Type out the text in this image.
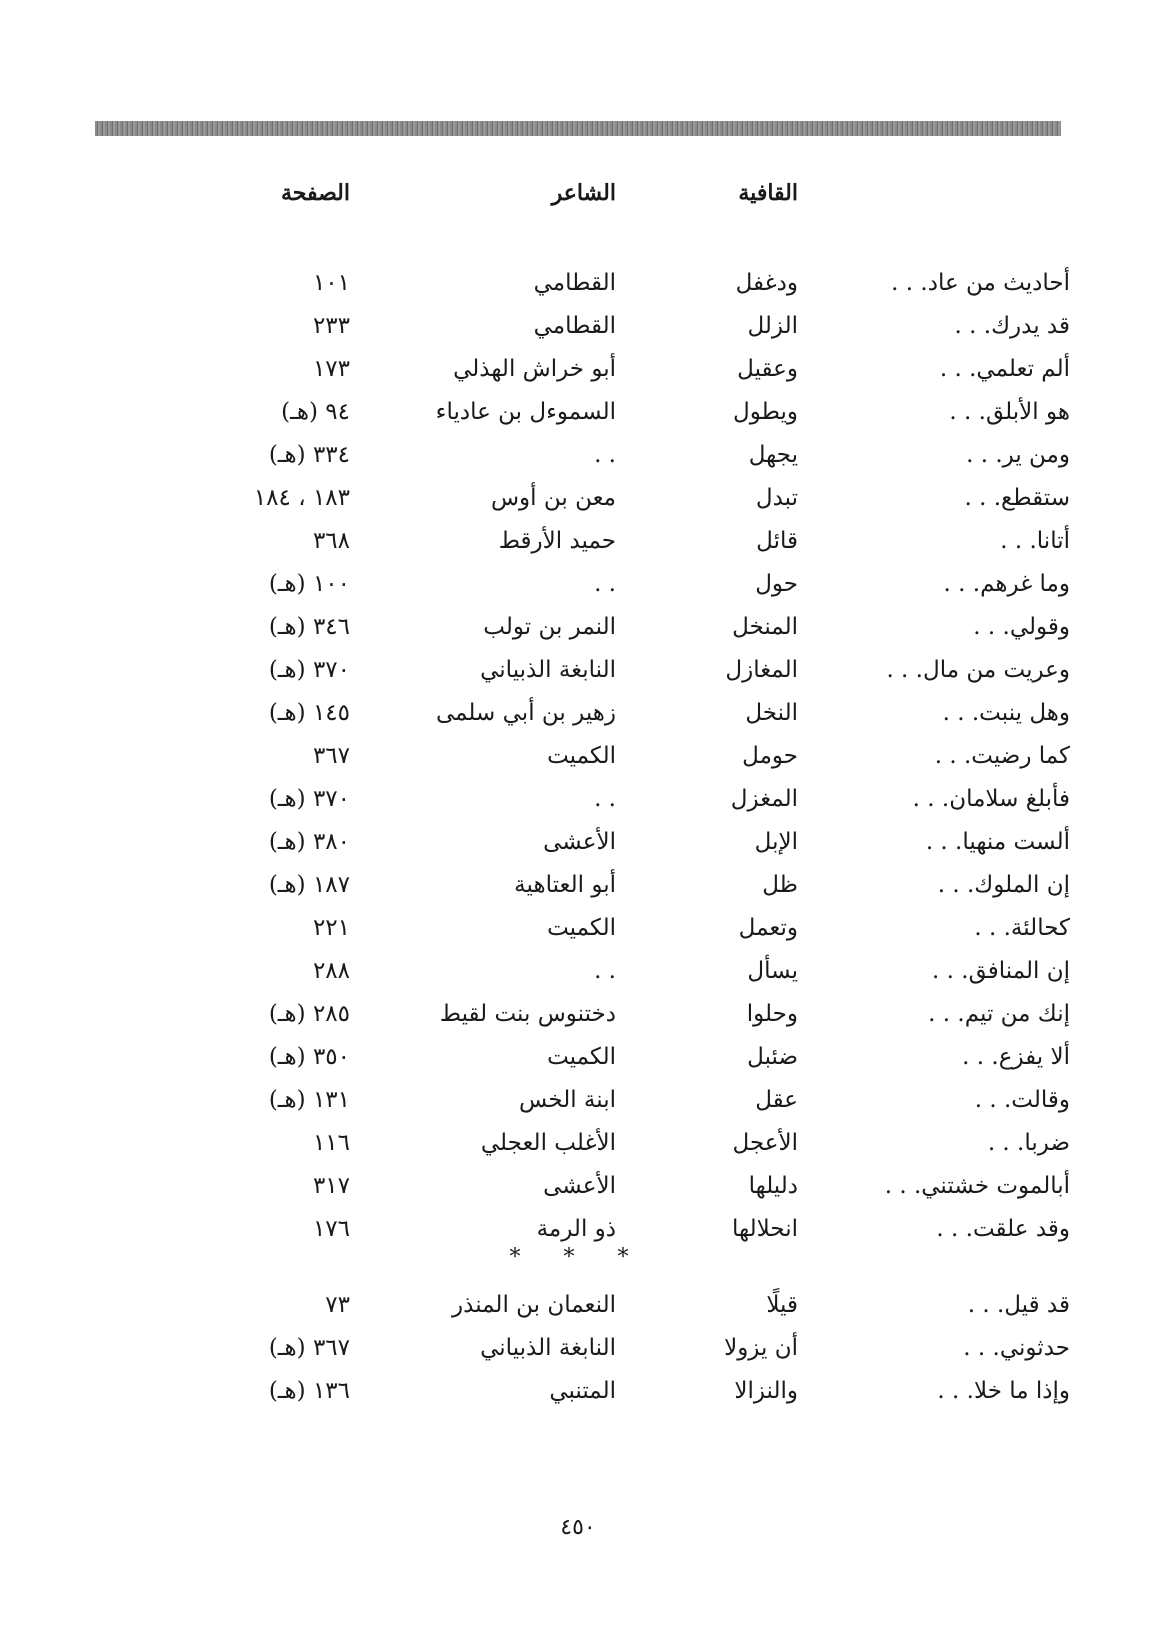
القافية
الشاعر
الصفحة
أحاديث من عاد. . .
ودغفل
القطامي
١٠١
قد يدرك. . .
الزلل
القطامي
٢٣٣
ألم تعلمي. . .
وعقيل
أبو خراش الهذلي
١٧٣
هو الأبلق. . .
ويطول
السموءل بن عادياء
٩٤ (هـ)
ومن ير. . .
يجهل
. .
٣٣٤ (هـ)
ستقطع. . .
تبدل
معن بن أوس
١٨٣ ، ١٨٤
أتانا. . .
قائل
حميد الأرقط
٣٦٨
وما غرهم. . .
حول
. .
١٠٠ (هـ)
وقولي. . .
المنخل
النمر بن تولب
٣٤٦ (هـ)
وعريت من مال. . .
المغازل
النابغة الذبياني
٣٧٠ (هـ)
وهل ينبت. . .
النخل
زهير بن أبي سلمى
١٤٥ (هـ)
كما رضيت. . .
حومل
الكميت
٣٦٧
فأبلغ سلامان. . .
المغزل
. .
٣٧٠ (هـ)
ألست منهيا. . .
الإبل
الأعشى
٣٨٠ (هـ)
إن الملوك. . .
ظل
أبو العتاهية
١٨٧ (هـ)
كحالئة. . .
وتعمل
الكميت
٢٢١
إن المنافق. . .
يسأل
. .
٢٨٨
إنك من تيم. . .
وحلوا
دختنوس بنت لقيط
٢٨٥ (هـ)
ألا يفزع. . .
ضئبل
الكميت
٣٥٠ (هـ)
وقالت. . .
عقل
ابنة الخس
١٣١ (هـ)
ضربا. . .
الأعجل
الأغلب العجلي
١١٦
أبالموت خشتني. . .
دليلها
الأعشى
٣١٧
وقد علقت. . .
انحلالها
ذو الرمة
١٧٦
* * *
قد قيل. . .
قيلًا
النعمان بن المنذر
٧٣
حدثوني. . .
أن يزولا
النابغة الذبياني
٣٦٧ (هـ)
وإذا ما خلا. . .
والنزالا
المتنبي
١٣٦ (هـ)
٤٥٠
